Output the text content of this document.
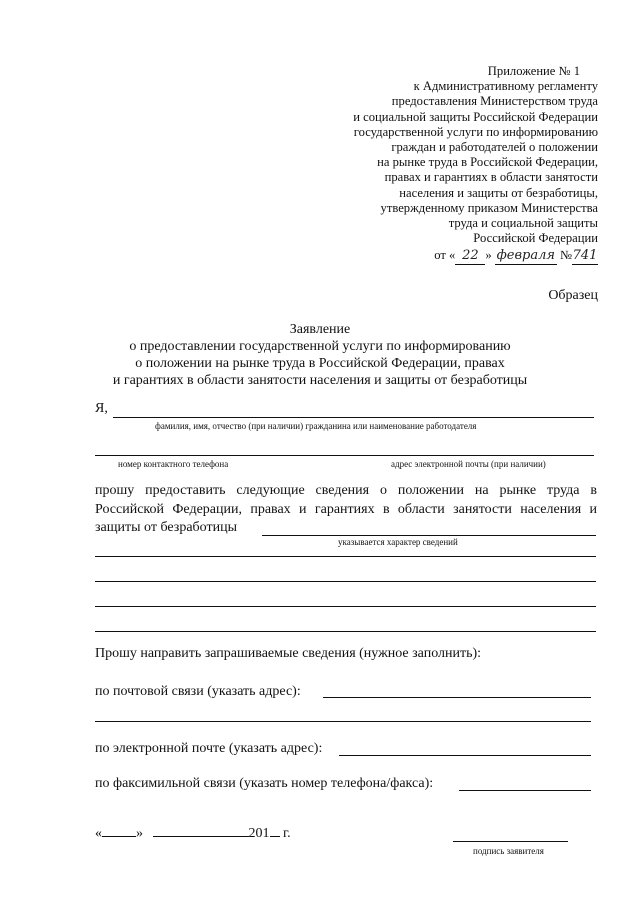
Приложение № 1
к Административному регламенту
предоставления Министерством труда
и социальной защиты Российской Федерации
государственной услуги по информированию
граждан и работодателей о положении
на рынке труда в Российской Федерации,
правах и гарантиях в области занятости
населения и защиты от безработицы,
утвержденному приказом Министерства
труда и социальной защиты
Российской Федерации
от « 22 » февраля №741
Образец
Заявление
о предоставлении государственной услуги по информированию
о положении на рынке труда в Российской Федерации, правах
и гарантиях в области занятости населения и защиты от безработицы
Я,
фамилия, имя, отчество (при наличии) гражданина или наименование работодателя
номер контактного телефона	адрес электронной почты (при наличии)
прошу предоставить следующие сведения о положении на рынке труда в Российской Федерации, правах и гарантиях в области занятости населения и защиты от безработицы
указывается характер сведений
Прошу направить запрашиваемые сведения (нужное заполнить):
по почтовой связи (указать адрес):
по электронной почте (указать адрес):
по факсимильной связи (указать номер телефона/факса):
« »	201 г.
подпись заявителя
